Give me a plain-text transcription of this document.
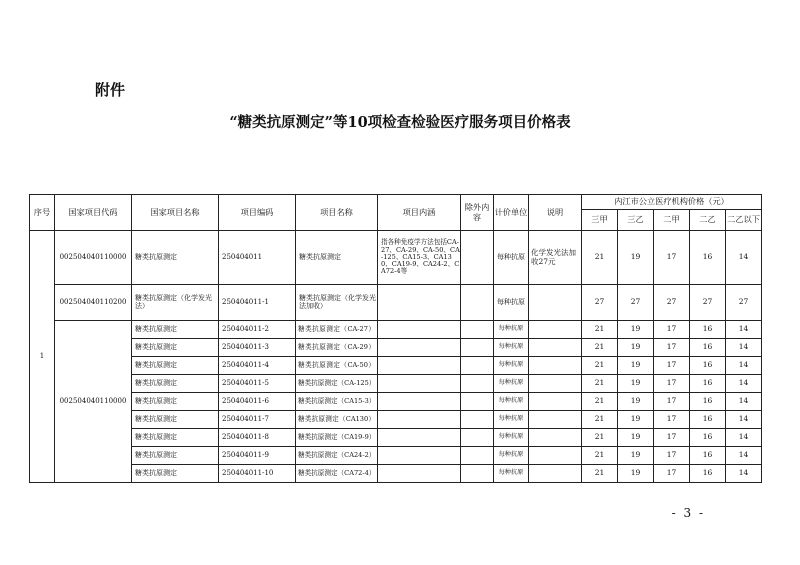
附件
“糖类抗原测定”等10项检查检验医疗服务项目价格表
序号	国家项目代码	国家项目名称	项目编码	项目名称	项目内涵	除外内容	计价单位	说明	内江市公立医疗机构价格（元）				
									三甲	三乙	二甲	二乙	二乙以下
1	002504040110000	糖类抗原测定	250404011	糖类抗原测定	指各种免疫学方法包括CA-27、CA-29、CA-50、CA-125、CA15-3、CA130、CA19-9、CA24-2、CA72-4等		每种抗原	化学发光法加收27元	21	19	17	16	14
	002504040110200	糖类抗原测定（化学发光法）	250404011-1	糖类抗原测定（化学发光法加收）			每种抗原		27	27	27	27	27
	002504040110000	糖类抗原测定	250404011-2	糖类抗原测定（CA-27）			每种抗原		21	19	17	16	14
		糖类抗原测定	250404011-3	糖类抗原测定（CA-29）			每种抗原		21	19	17	16	14
		糖类抗原测定	250404011-4	糖类抗原测定（CA-50）			每种抗原		21	19	17	16	14
		糖类抗原测定	250404011-5	糖类抗原测定（CA-125）			每种抗原		21	19	17	16	14
		糖类抗原测定	250404011-6	糖类抗原测定（CA15-3）			每种抗原		21	19	17	16	14
		糖类抗原测定	250404011-7	糖类抗原测定（CA130）			每种抗原		21	19	17	16	14
		糖类抗原测定	250404011-8	糖类抗原测定（CA19-9）			每种抗原		21	19	17	16	14
		糖类抗原测定	250404011-9	糖类抗原测定（CA24-2）			每种抗原		21	19	17	16	14
		糖类抗原测定	250404011-10	糖类抗原测定（CA72-4）			每种抗原		21	19	17	16	14
- 3 -
